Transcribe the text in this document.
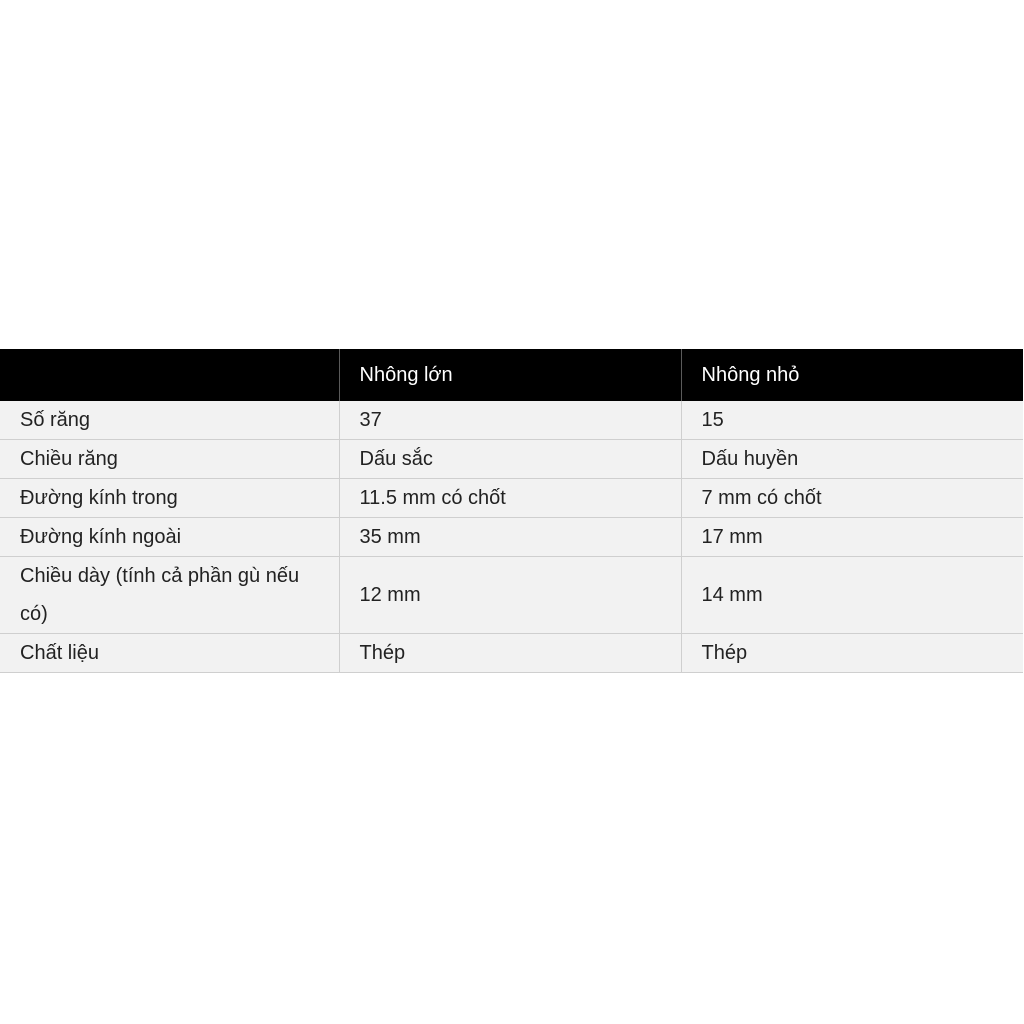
	Nhông lớn	Nhông nhỏ
Số răng	37	15
Chiều răng	Dấu sắc	Dấu huyền
Đường kính trong	11.5 mm có chốt	7 mm có chốt
Đường kính ngoài	35 mm	17 mm
Chiều dày (tính cả phần gù nếu có)	12 mm	14 mm
Chất liệu	Thép	Thép
